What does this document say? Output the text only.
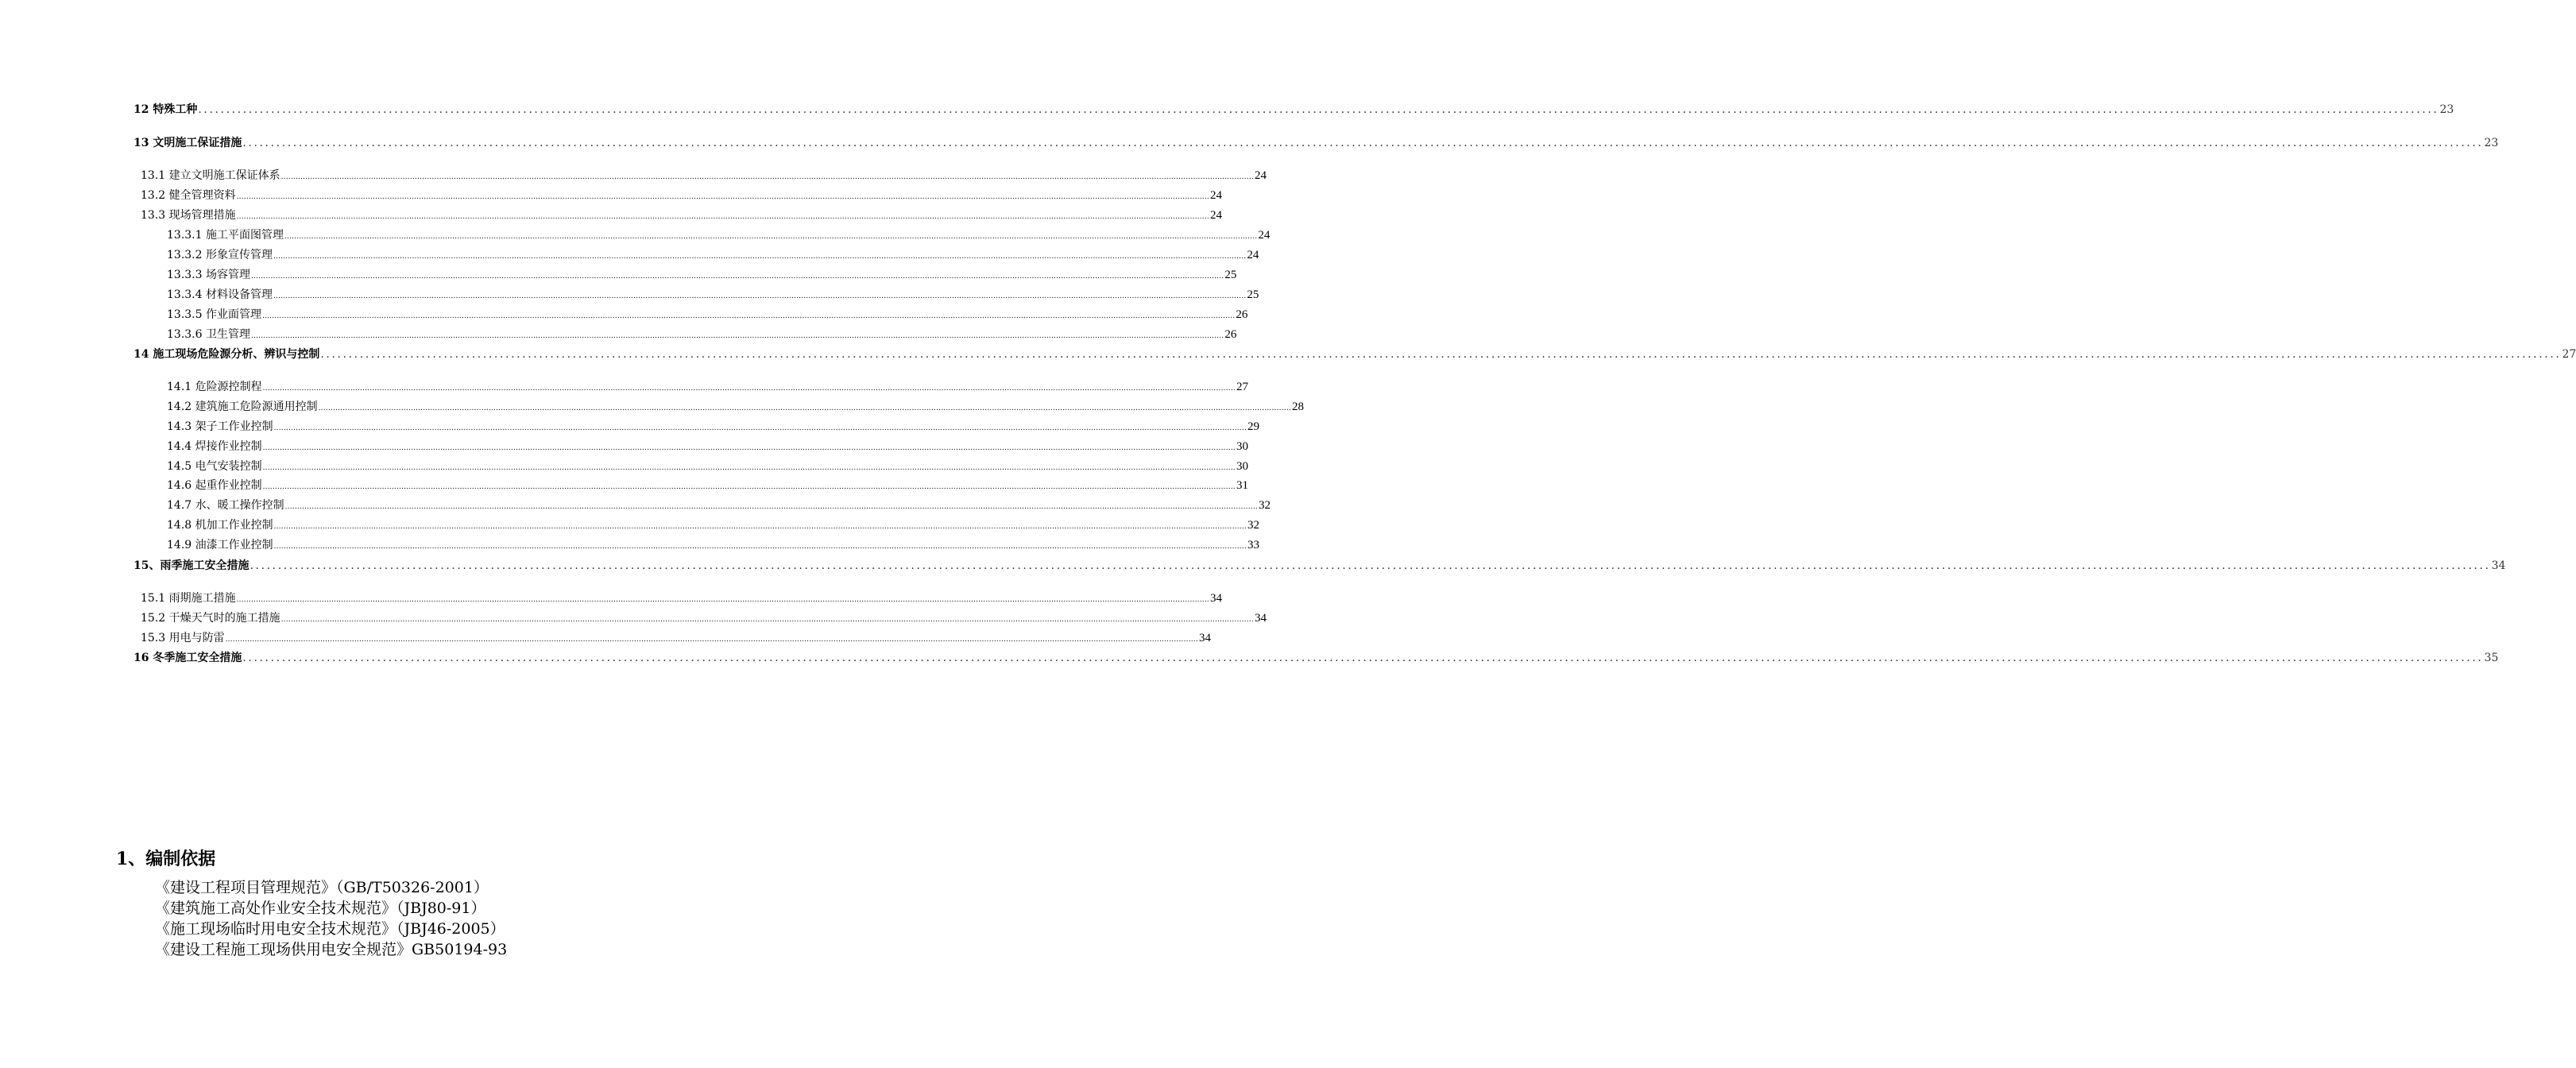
12 特殊工种 ................................................................................................................................................................................................................................................................................................................................................................................................................ 23
13 文明施工保证措施 ................................................................................................................................................................................................................................................................................................................................................................................................................ 23
13.1 建立文明施工保证体系 ................................................................................................................................................................................................................................................................................................................................................................................................................ 24
13.2 健全管理资料 ................................................................................................................................................................................................................................................................................................................................................................................................................ 24
13.3 现场管理措施 ................................................................................................................................................................................................................................................................................................................................................................................................................ 24
13.3.1 施工平面图管理 ................................................................................................................................................................................................................................................................................................................................................................................................................ 24
13.3.2 形象宣传管理 ................................................................................................................................................................................................................................................................................................................................................................................................................ 24
13.3.3 场容管理 ................................................................................................................................................................................................................................................................................................................................................................................................................ 25
13.3.4 材料设备管理 ................................................................................................................................................................................................................................................................................................................................................................................................................ 25
13.3.5 作业面管理 ................................................................................................................................................................................................................................................................................................................................................................................................................ 26
13.3.6 卫生管理 ................................................................................................................................................................................................................................................................................................................................................................................................................ 26
14 施工现场危险源分析、辨识与控制 ................................................................................................................................................................................................................................................................................................................................................................................................................ 27
14.1 危险源控制程 ................................................................................................................................................................................................................................................................................................................................................................................................................ 27
14.2 建筑施工危险源通用控制 ................................................................................................................................................................................................................................................................................................................................................................................................................ 28
14.3 架子工作业控制 ................................................................................................................................................................................................................................................................................................................................................................................................................ 29
14.4 焊接作业控制 ................................................................................................................................................................................................................................................................................................................................................................................................................ 30
14.5 电气安装控制 ................................................................................................................................................................................................................................................................................................................................................................................................................ 30
14.6 起重作业控制 ................................................................................................................................................................................................................................................................................................................................................................................................................ 31
14.7 水、暖工操作控制 ................................................................................................................................................................................................................................................................................................................................................................................................................ 32
14.8 机加工作业控制 ................................................................................................................................................................................................................................................................................................................................................................................................................ 32
14.9 油漆工作业控制 ................................................................................................................................................................................................................................................................................................................................................................................................................ 33
15、雨季施工安全措施 ................................................................................................................................................................................................................................................................................................................................................................................................................ 34
15.1 雨期施工措施 ................................................................................................................................................................................................................................................................................................................................................................................................................ 34
15.2 干燥天气时的施工措施 ................................................................................................................................................................................................................................................................................................................................................................................................................ 34
15.3 用电与防雷 ................................................................................................................................................................................................................................................................................................................................................................................................................ 34
16 冬季施工安全措施 ................................................................................................................................................................................................................................................................................................................................................................................................................ 35
1、编制依据
《建设工程项目管理规范》（GB/T50326-2001）
《建筑施工高处作业安全技术规范》（JBJ80-91）
《施工现场临时用电安全技术规范》（JBJ46-2005）
《建设工程施工现场供用电安全规范》GB50194-93
